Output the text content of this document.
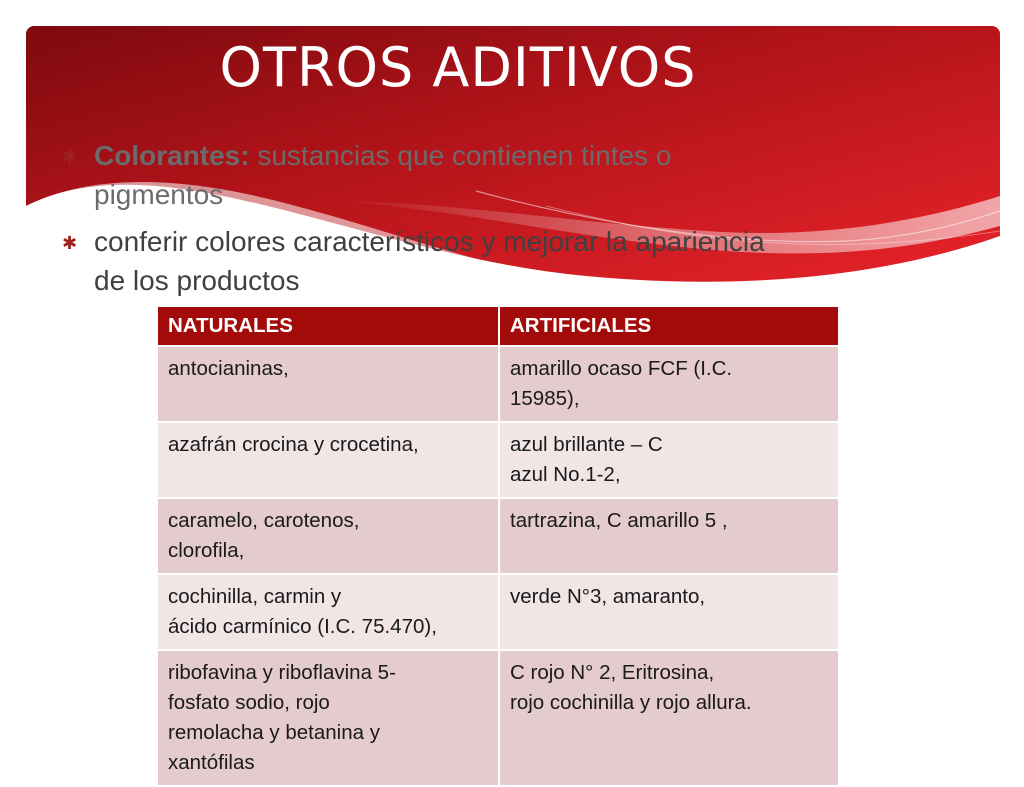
OTROS ADITIVOS
✱ Colorantes: sustancias que contienen tintes o pigmentos
✱ conferir colores característicos y mejorar la apariencia de los productos
NATURALES	ARTIFICIALES

antocianinas,	amarillo ocaso FCF (I.C.
15985),

azafrán crocina y crocetina,	azul brillante – C
azul No.1-2,

caramelo, carotenos,
clorofila,	tartrazina, C amarillo 5 ,

cochinilla, carmin y
ácido carmínico (I.C. 75.470),	verde N°3, amaranto,

ribofavina y riboflavina 5-
fosfato sodio, rojo
remolacha y betanina y
xantófilas	C rojo N° 2, Eritrosina,
rojo cochinilla y rojo allura.
